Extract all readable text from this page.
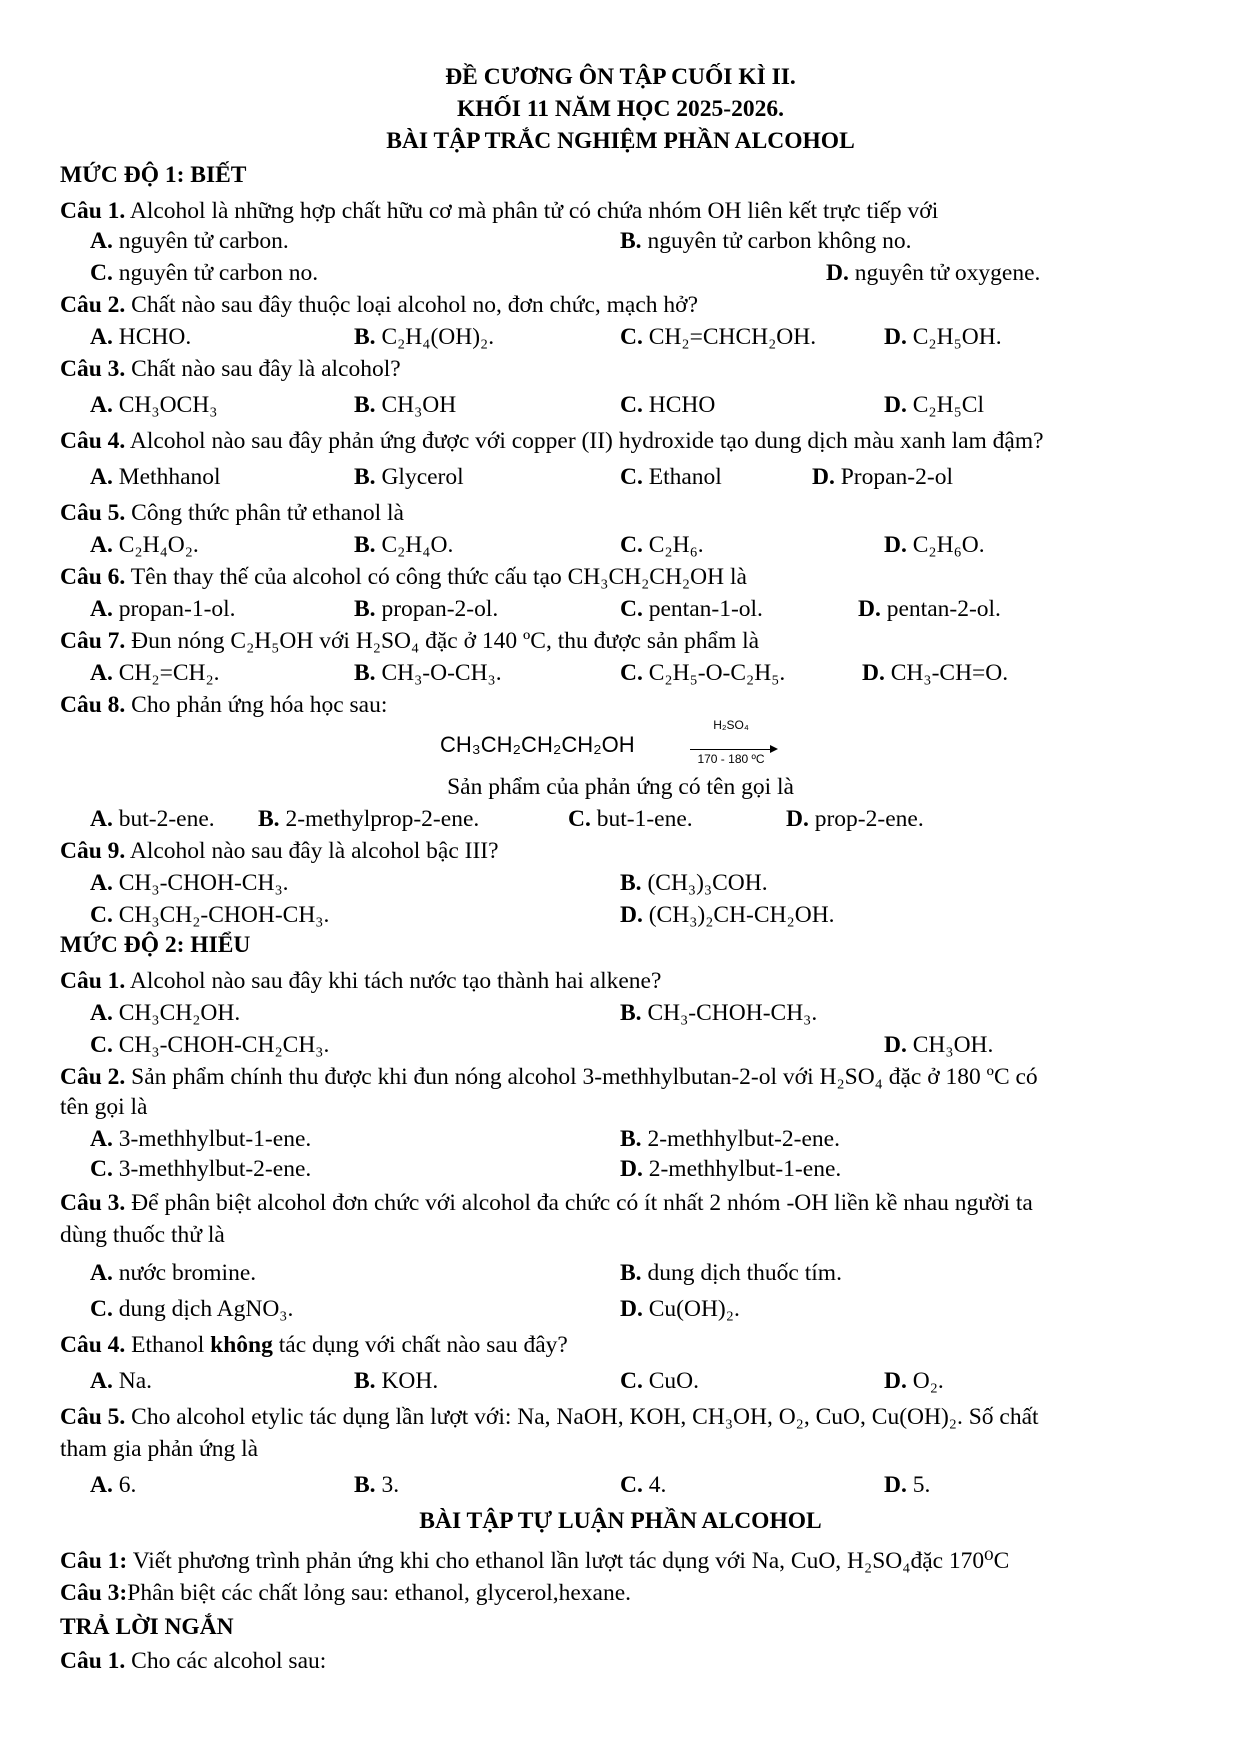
ĐỀ CƯƠNG ÔN TẬP CUỐI KÌ II.
KHỐI 11 NĂM HỌC 2025-2026.
BÀI TẬP TRẮC NGHIỆM PHẦN ALCOHOL
MỨC ĐỘ 1: BIẾT
Câu 1. Alcohol là những hợp chất hữu cơ mà phân tử có chứa nhóm OH liên kết trực tiếp với
A. nguyên tử carbon.	B. nguyên tử carbon không no.
C. nguyên tử carbon no.	D. nguyên tử oxygene.
Câu 2. Chất nào sau đây thuộc loại alcohol no, đơn chức, mạch hở?
A. HCHO.	B. C₂H₄(OH)₂.	C. CH₂=CHCH₂OH.	D. C₂H₅OH.
Câu 3. Chất nào sau đây là alcohol?
A. CH₃OCH₃	B. CH₃OH	C. HCHO	D. C₂H₅Cl
Câu 4. Alcohol nào sau đây phản ứng được với copper (II) hydroxide tạo dung dịch màu xanh lam đậm?
A. Methhanol	B. Glycerol	C. Ethanol	D. Propan-2-ol
Câu 5. Công thức phân tử ethanol là
A. C₂H₄O₂.	B. C₂H₄O.	C. C₂H₆.	D. C₂H₆O.
Câu 6. Tên thay thế của alcohol có công thức cấu tạo CH₃CH₂CH₂OH là
A. propan-1-ol.	B. propan-2-ol.	C. pentan-1-ol.	D. pentan-2-ol.
Câu 7. Đun nóng C₂H₅OH với H₂SO₄ đặc ở 140 ºC, thu được sản phẩm là
A. CH₂=CH₂.	B. CH₃-O-CH₃.	C. C₂H₅-O-C₂H₅.	D. CH₃-CH=O.
Câu 8. Cho phản ứng hóa học sau:
CH₃CH₂CH₂CH₂OH
H₂SO₄
170 - 180 ºC
Sản phẩm của phản ứng có tên gọi là
A. but-2-ene. B. 2-methylprop-2-ene.	C. but-1-ene.	D. prop-2-ene.
Câu 9. Alcohol nào sau đây là alcohol bậc III?
A. CH₃-CHOH-CH₃.	B. (CH₃)₃COH.
C. CH₃CH₂-CHOH-CH₃.	D. (CH₃)₂CH-CH₂OH.
MỨC ĐỘ 2: HIỂU
Câu 1. Alcohol nào sau đây khi tách nước tạo thành hai alkene?
A. CH₃CH₂OH.	B. CH₃-CHOH-CH₃.
C. CH₃-CHOH-CH₂CH₃.	D. CH₃OH.
Câu 2. Sản phẩm chính thu được khi đun nóng alcohol 3-methhylbutan-2-ol với H₂SO₄ đặc ở 180 ºC có
tên gọi là
A. 3-methhylbut-1-ene.	B. 2-methhylbut-2-ene.
C. 3-methhylbut-2-ene.	D. 2-methhylbut-1-ene.
Câu 3. Để phân biệt alcohol đơn chức với alcohol đa chức có ít nhất 2 nhóm -OH liền kề nhau người ta
dùng thuốc thử là
A. nước bromine.	B. dung dịch thuốc tím.
C. dung dịch AgNO₃.	D. Cu(OH)₂.
Câu 4. Ethanol không tác dụng với chất nào sau đây?
A. Na.	B. KOH.	C. CuO.	D. O₂.
Câu 5. Cho alcohol etylic tác dụng lần lượt với: Na, NaOH, KOH, CH₃OH, O₂, CuO, Cu(OH)₂. Số chất
tham gia phản ứng là
A. 6.	B. 3.	C. 4.	D. 5.
BÀI TẬP TỰ LUẬN PHẦN ALCOHOL
Câu 1: Viết phương trình phản ứng khi cho ethanol lần lượt tác dụng với Na, CuO, H₂SO₄đặc 170⁰C
Câu 3:Phân biệt các chất lỏng sau: ethanol, glycerol,hexane.
TRẢ LỜI NGẮN
Câu 1. Cho các alcohol sau:
